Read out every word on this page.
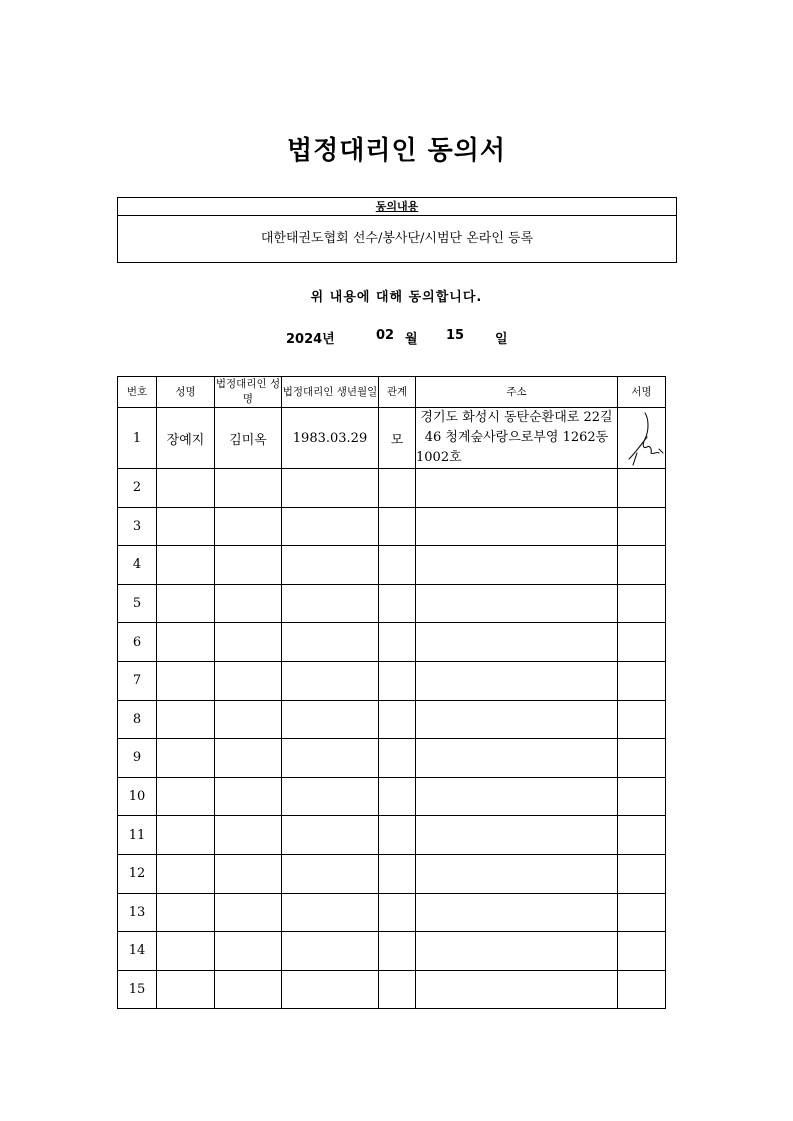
법정대리인 동의서
동의내용
대한태권도협회 선수/봉사단/시범단 온라인 등록
위 내용에 대해 동의합니다.
2024년	02 월 15 일
번호	성명	법정대리인 성명	법정대리인 생년월일	관계	주소	서명
1	장예지	김미옥	1983.03.29	모	경기도 화성시 동탄순환대로 22길 46 청계숲사랑으로부영 1262동1002호	

2						
3						
4						
5						
6						
7						
8						
9						
10						
11						
12						
13						
14						
15						
